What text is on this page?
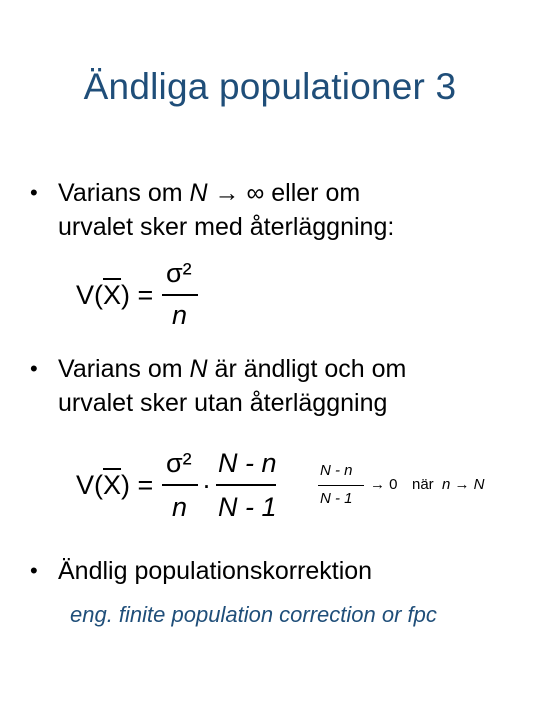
Ändliga populationer 3
• Varians om N → ∞ eller om
urvalet sker med återläggning:
$V(\overline{X})$ =
σ²
n
• Varians om N är ändligt och om
urvalet sker utan återläggning
$V(\overline{X})$ =
σ²
n
·
N - n
N - 1
N - n
N - 1
→ 0 när n → N
• Ändlig populationskorrektion
eng. finite population correction or fpc
